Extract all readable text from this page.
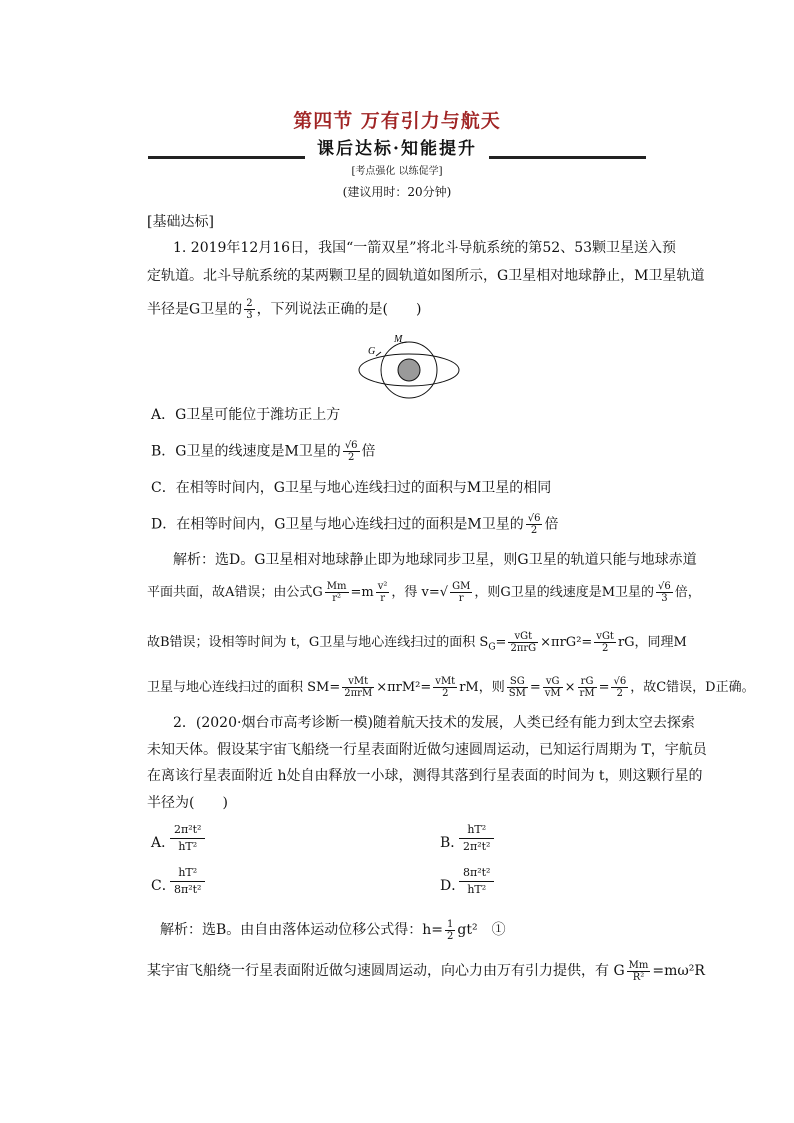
第四节 万有引力与航天
课后达标·知能提升
[考点强化 以练促学]
(建议用时：20分钟)
[基础达标]
1. 2019年12月16日，我国“一箭双星”将北斗导航系统的第52、53颗卫星送入预
定轨道。北斗导航系统的某两颗卫星的圆轨道如图所示，G卫星相对地球静止，M卫星轨道
半径是G卫星的 $\frac{2}{3}$ ，下列说法正确的是(　　)
G
M
A．G卫星可能位于潍坊正上方
B．G卫星的线速度是M卫星的 $\frac{√6}{2}$ 倍
C．在相等时间内，G卫星与地心连线扫过的面积与M卫星的相同
D．在相等时间内，G卫星与地心连线扫过的面积是M卫星的 $\frac{√6}{2}$ 倍
解析：选D。G卫星相对地球静止即为地球同步卫星，则G卫星的轨道只能与地球赤道
平面共面，故A错误；由公式G $\frac{Mm}{\text{r²}} =m \frac{\text{v²}}{r}$ ，得 $v=√ \frac{GM}{r}$ ，则G卫星的线速度是M卫星的 $\frac{√6}{3}$ 倍，
故B错误；设相等时间为 t，G卫星与地心连线扫过的面积 $S_G= \frac{\text{vGt}}{\text{2πrG}} \times\pi rG^2= \frac{\text{vGt}}{2}$ rG，同理M
卫星与地心连线扫过的面积 $SM= \frac{\text{vMt}}{\text{2πrM}} \times\pi rM^2= \frac{\text{vMt}}{2}$ rM，则 $\frac{SG}{SM} = \frac{vG}{vM} \times \frac{rG}{rM} = \frac{√6}{2}$ ，故C错误，D正确。
2．(2020·烟台市高考诊断一模)随着航天技术的发展，人类已经有能力到太空去探索
未知天体。假设某宇宙飞船绕一行星表面附近做匀速圆周运动，已知运行周期为 T，宇航员
在离该行星表面附近 h处自由释放一小球，测得其落到行星表面的时间为 t，则这颗行星的
半径为(　　)
A．
$\frac{\text{2π²t²}}{\text{hT²}}$	B．
$\frac{\text{hT²}}{\text{2π²t²}}$
C．
$\frac{\text{hT²}}{\text{8π²t²}}$	D．
$\frac{\text{8π²t²}}{\text{hT²}}$
解析：选B。由自由落体运动位移公式得：$h= \frac{1}{2} gt^2$　①
某宇宙飞船绕一行星表面附近做匀速圆周运动，向心力由万有引力提供，有 G $\frac{Mm}{\text{R²}} =m\omega^2R$
